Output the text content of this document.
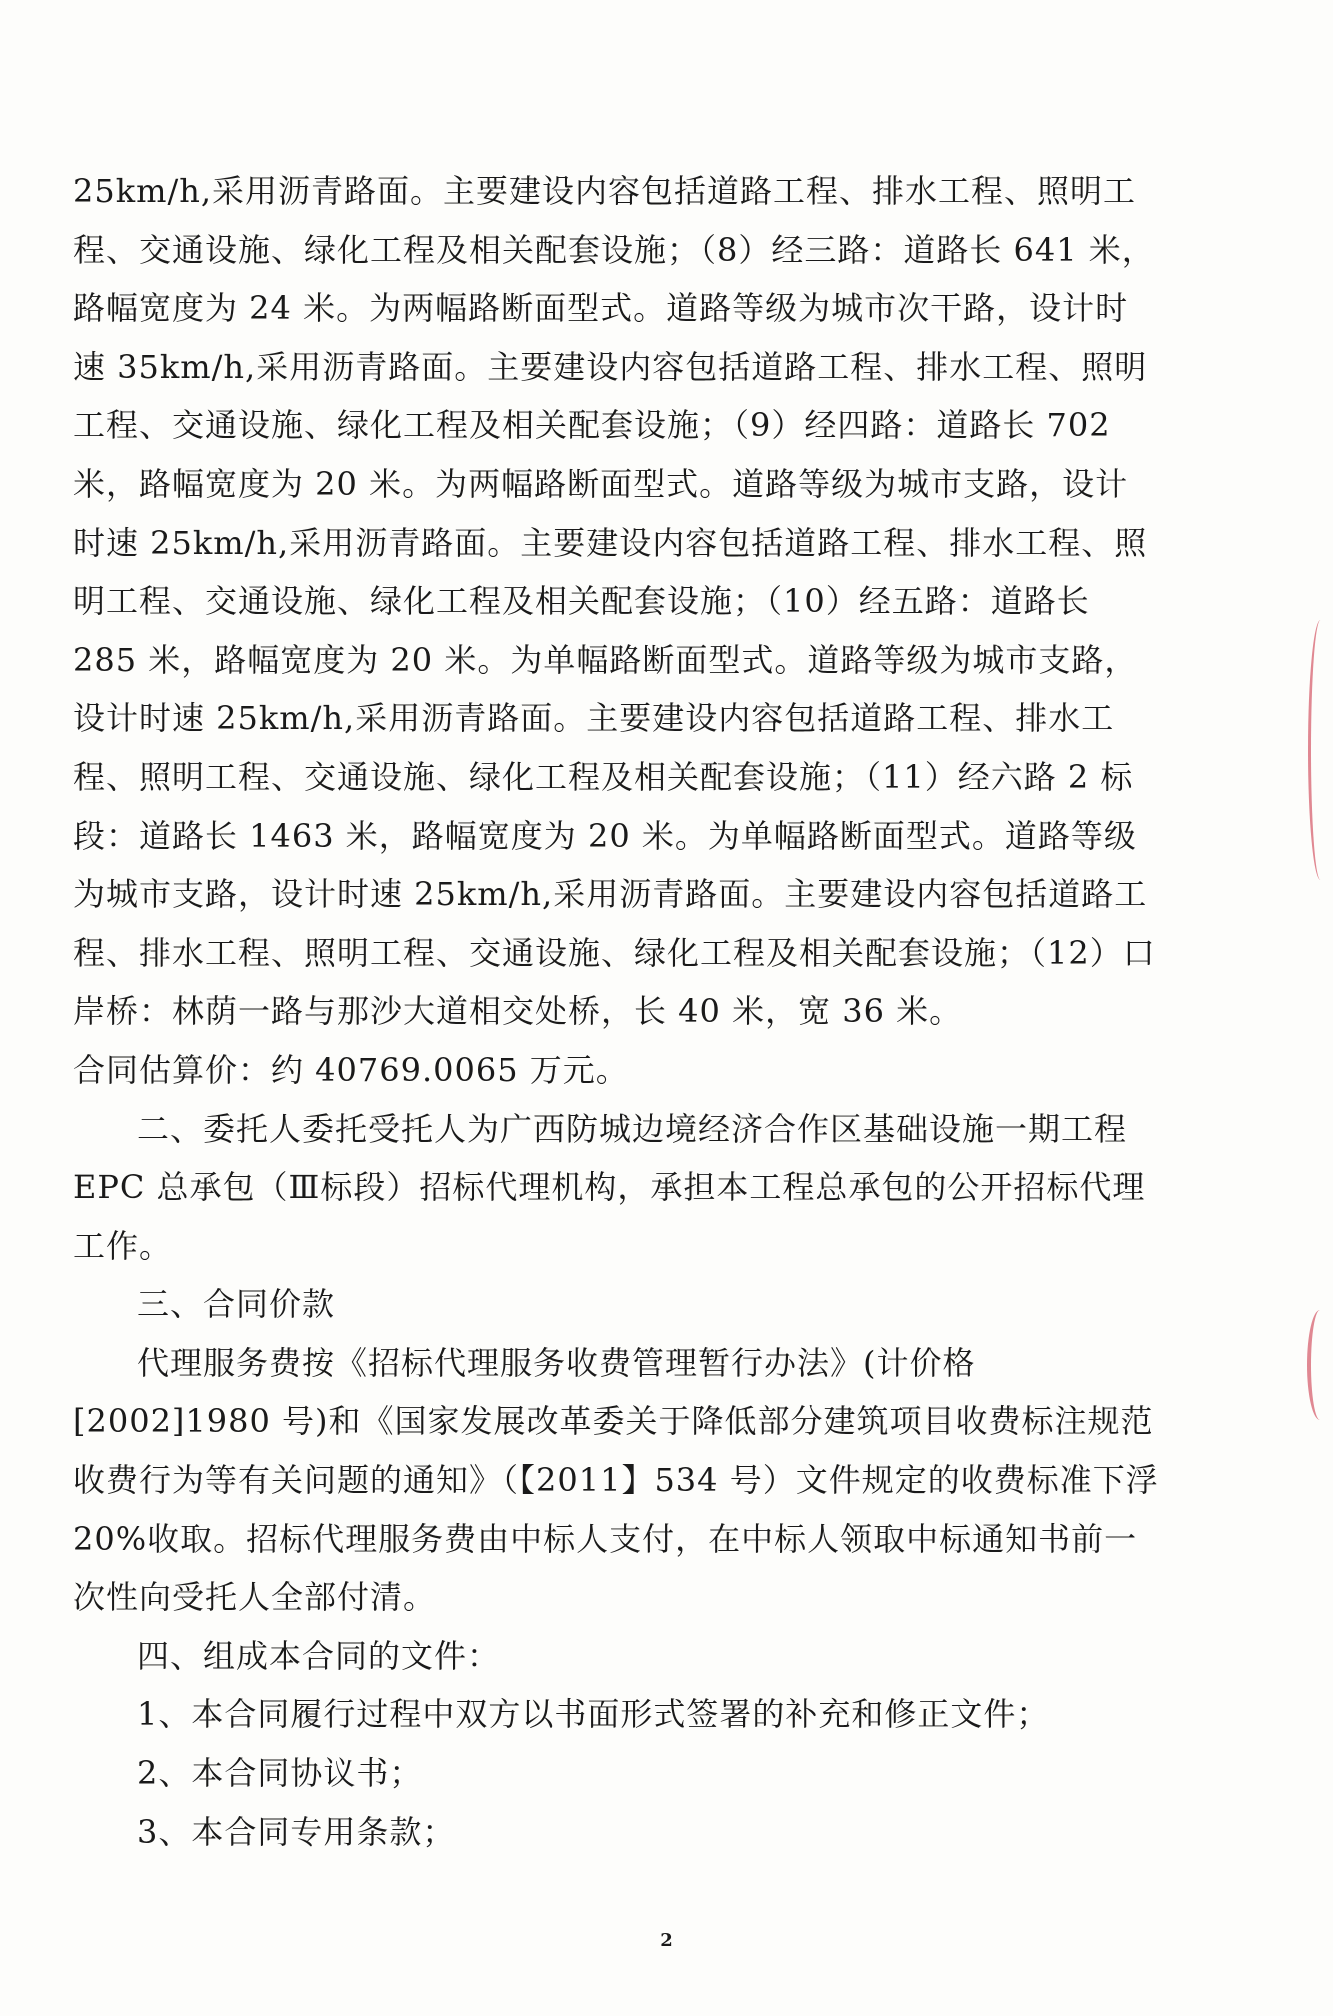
25km/h,采用沥青路面。主要建设内容包括道路工程、排水工程、照明工程、交通设施、绿化工程及相关配套设施；（8）经三路：道路长 641 米，路幅宽度为 24 米。为两幅路断面型式。道路等级为城市次干路，设计时速 35km/h,采用沥青路面。主要建设内容包括道路工程、排水工程、照明工程、交通设施、绿化工程及相关配套设施；（9）经四路：道路长 702 米，路幅宽度为 20 米。为两幅路断面型式。道路等级为城市支路，设计时速 25km/h,采用沥青路面。主要建设内容包括道路工程、排水工程、照明工程、交通设施、绿化工程及相关配套设施；（10）经五路：道路长 285 米，路幅宽度为 20 米。为单幅路断面型式。道路等级为城市支路，设计时速 25km/h,采用沥青路面。主要建设内容包括道路工程、排水工程、照明工程、交通设施、绿化工程及相关配套设施；（11）经六路 2 标段：道路长 1463 米，路幅宽度为 20 米。为单幅路断面型式。道路等级为城市支路，设计时速 25km/h,采用沥青路面。主要建设内容包括道路工程、排水工程、照明工程、交通设施、绿化工程及相关配套设施；（12）口岸桥：林荫一路与那沙大道相交处桥，长 40 米，宽 36 米。

合同估算价：约 40769.0065 万元。

二、委托人委托受托人为广西防城边境经济合作区基础设施一期工程 EPC 总承包（Ⅲ标段）招标代理机构，承担本工程总承包的公开招标代理工作。

三、合同价款

代理服务费按《招标代理服务收费管理暂行办法》(计价格[2002]1980 号)和《国家发展改革委关于降低部分建筑项目收费标注规范收费行为等有关问题的通知》（【2011】534 号）文件规定的收费标准下浮 20%收取。招标代理服务费由中标人支付，在中标人领取中标通知书前一次性向受托人全部付清。

四、组成本合同的文件：

1、本合同履行过程中双方以书面形式签署的补充和修正文件；

2、本合同协议书；

3、本合同专用条款；

2
